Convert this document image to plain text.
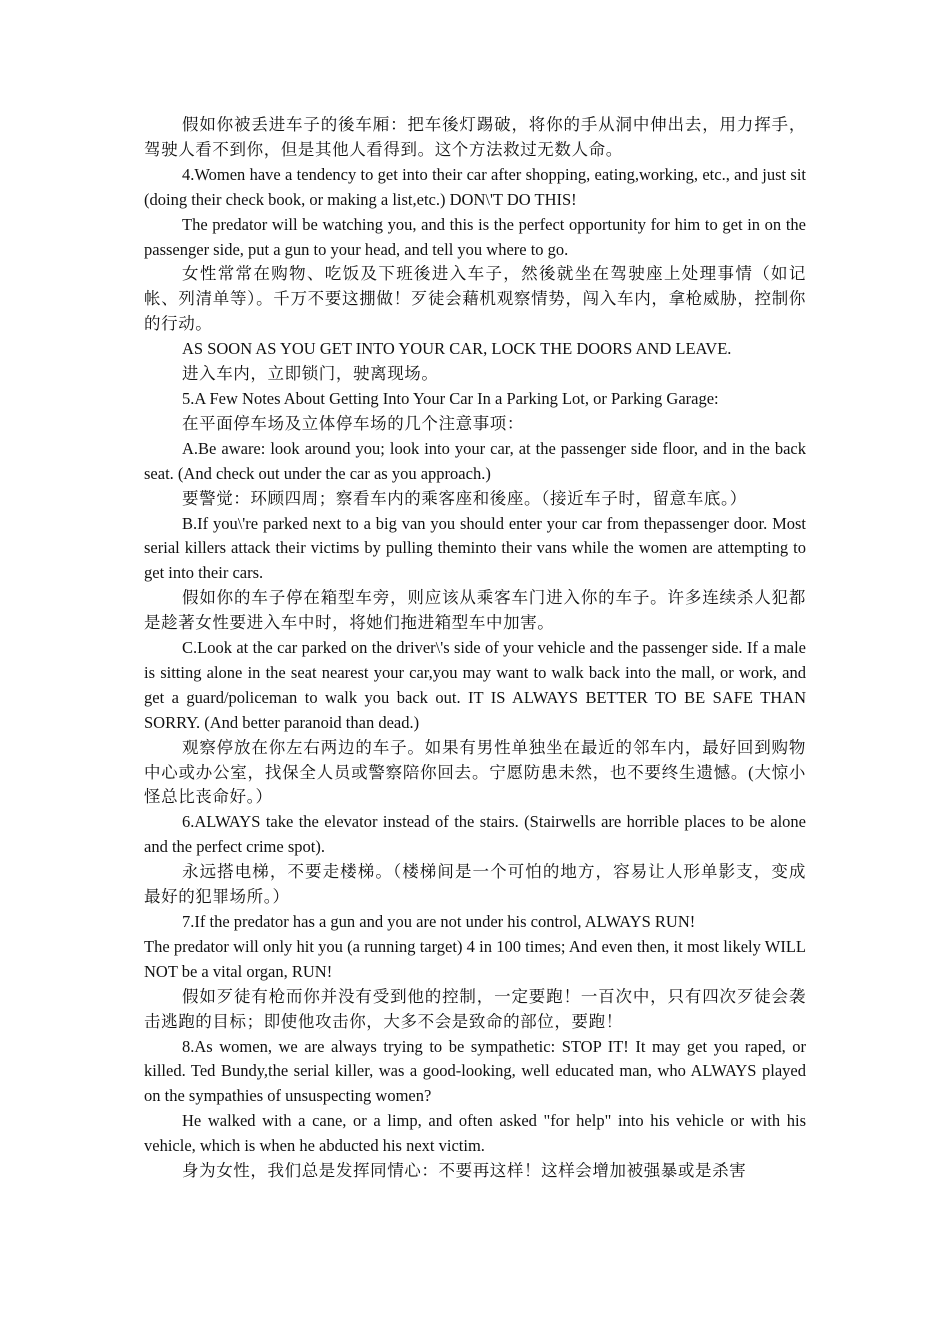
假如你被丢进车子的後车厢：把车後灯踢破，将你的手从洞中伸出去，用力挥手，驾驶人看不到你，但是其他人看得到。这个方法救过无数人命。

4.Women have a tendency to get into their car after shopping, eating,working, etc., and just sit (doing their check book, or making a list,etc.) DON\'T DO THIS!

The predator will be watching you, and this is the perfect opportunity for him to get in on the passenger side, put a gun to your head, and tell you where to go.

女性常常在购物、吃饭及下班後进入车子，然後就坐在驾驶座上处理事情（如记帐、列清单等）。千万不要这掤做！歹徒会藉机观察情势，闯入车内，拿枪威胁，控制你的行动。

AS SOON AS YOU GET INTO YOUR CAR, LOCK THE DOORS AND LEAVE.

进入车内，立即锁门，驶离现场。

5.A Few Notes About Getting Into Your Car In a Parking Lot, or Parking Garage:

在平面停车场及立体停车场的几个注意事项：

A.Be aware: look around you; look into your car, at the passenger side floor, and in the back seat. (And check out under the car as you approach.)

要警觉：环顾四周；察看车内的乘客座和後座。（接近车子时，留意车底。）

B.If you\'re parked next to a big van you should enter your car from thepassenger door. Most serial killers attack their victims by pulling theminto their vans while the women are attempting to get into their cars.

假如你的车子停在箱型车旁，则应该从乘客车门进入你的车子。许多连续杀人犯都是趁著女性要进入车中时，将她们拖进箱型车中加害。

C.Look at the car parked on the driver\'s side of your vehicle and the passenger side. If a male is sitting alone in the seat nearest your car,you may want to walk back into the mall, or work, and get a guard/policeman to walk you back out. IT IS ALWAYS BETTER TO BE SAFE THAN SORRY. (And better paranoid than dead.)

观察停放在你左右两边的车子。如果有男性单独坐在最近的邻车内，最好回到购物中心或办公室，找保全人员或警察陪你回去。宁愿防患未然，也不要终生遗憾。(大惊小怪总比丧命好。）

6.ALWAYS take the elevator instead of the stairs. (Stairwells are horrible places to be alone and the perfect crime spot).

永远搭电梯，不要走楼梯。（楼梯间是一个可怕的地方，容易让人形单影支，变成最好的犯罪场所。）

7.If the predator has a gun and you are not under his control, ALWAYS RUN!

The predator will only hit you (a running target) 4 in 100 times; And even then, it most likely WILL NOT be a vital organ, RUN!

假如歹徒有枪而你并没有受到他的控制，一定要跑！一百次中，只有四次歹徒会袭击逃跑的目标；即使他攻击你，大多不会是致命的部位，要跑！

8.As women, we are always trying to be sympathetic: STOP IT! It may get you raped, or killed. Ted Bundy,the serial killer, was a good-looking, well educated man, who ALWAYS played on the sympathies of unsuspecting women?

He walked with a cane, or a limp, and often asked "for help" into his vehicle or with his vehicle, which is when he abducted his next victim.

身为女性，我们总是发挥同情心：不要再这样！这样会增加被强暴或是杀害
